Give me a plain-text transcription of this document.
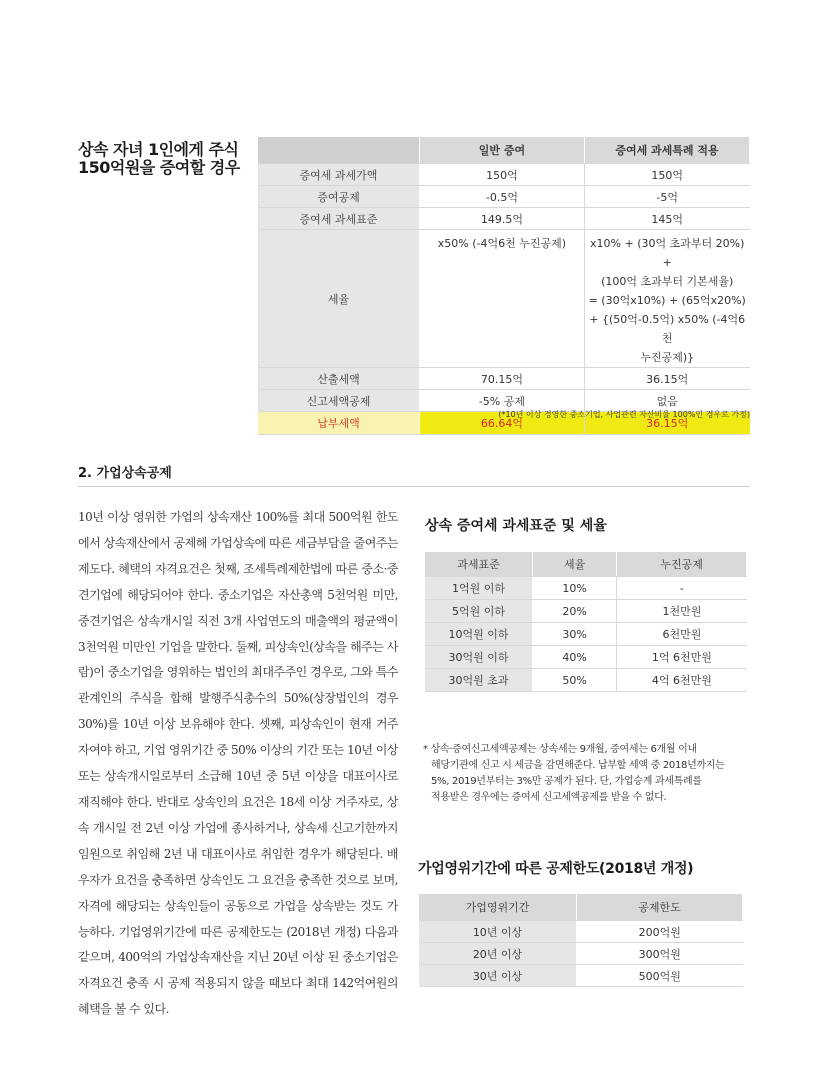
상속 자녀 1인에게 주식
150억원을 증여할 경우
	일반 증여	증여세 과세특례 적용
증여세 과세가액	150억	150억
증여공제	-0.5억	-5억
증여세 과세표준	149.5억	145억
세율	x50% (-4억6천 누진공제)	x10% + (30억 초과부터 20%) +
(100억 초과부터 기본세율)
= (30억x10%) + (65억x20%)
+ {(50억-0.5억) x50% (-4억6천
누진공제)}

산출세액	70.15억	36.15억
신고세액공제	-5% 공제	없음
납부세액	66.64억	36.15억
(*10년 이상 경영한 중소기업, 사업관련 자산비율 100%인 경우로 가정)
2. 가업상속공제
10년 이상 영위한 가업의 상속재산 100%를 최대 500억원 한도에서 상속재산에서 공제해 가업상속에 따른 세금부담을 줄여주는 제도다. 혜택의 자격요건은 첫째, 조세특례제한법에 따른 중소·중견기업에 해당되어야 한다. 중소기업은 자산총액 5천억원 미만, 중견기업은 상속개시일 직전 3개 사업연도의 매출액의 평균액이 3천억원 미만인 기업을 말한다. 둘째, 피상속인(상속을 해주는 사람)이 중소기업을 영위하는 법인의 최대주주인 경우로, 그와 특수관계인의 주식을 합해 발행주식총수의 50%(상장법인의 경우 30%)를 10년 이상 보유해야 한다. 셋째, 피상속인이 현재 거주자여야 하고, 기업 영위기간 중 50% 이상의 기간 또는 10년 이상 또는 상속개시일로부터 소급해 10년 중 5년 이상을 대표이사로 재직해야 한다. 반대로 상속인의 요건은 18세 이상 거주자로, 상속 개시일 전 2년 이상 가업에 종사하거나, 상속세 신고기한까지 임원으로 취임해 2년 내 대표이사로 취임한 경우가 해당된다. 배우자가 요건을 충족하면 상속인도 그 요건을 충족한 것으로 보며, 자격에 해당되는 상속인들이 공동으로 가업을 상속받는 것도 가능하다. 기업영위기간에 따른 공제한도는 (2018년 개정) 다음과 같으며, 400억의 가업상속재산을 지닌 20년 이상 된 중소기업은 자격요건 충족 시 공제 적용되지 않을 때보다 최대 142억여원의 혜택을 볼 수 있다.
상속 증여세 과세표준 및 세율
과세표준	세율	누진공제
1억원 이하	10%	-
5억원 이하	20%	1천만원
10억원 이하	30%	6천만원
30억원 이하	40%	1억 6천만원
30억원 초과	50%	4억 6천만원
* 상속·증여신고세액공제는 상속세는 9개월, 증여세는 6개월 이내
해당기관에 신고 시 세금을 감면해준다. 납부할 세액 중 2018년까지는
5%, 2019년부터는 3%만 공제가 된다. 단, 가업승계 과세특례를
적용받은 경우에는 증여세 신고세액공제를 받을 수 없다.
가업영위기간에 따른 공제한도(2018년 개정)
가업영위기간	공제한도
10년 이상	200억원
20년 이상	300억원
30년 이상	500억원
